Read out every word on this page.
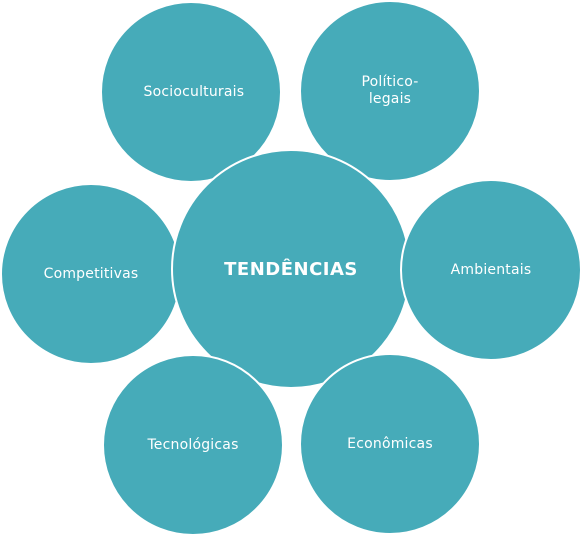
Socioculturais
Político-
legais
Competitivas	TENDÊNCIAS	Ambientais
Econômicas
Tecnológicas
